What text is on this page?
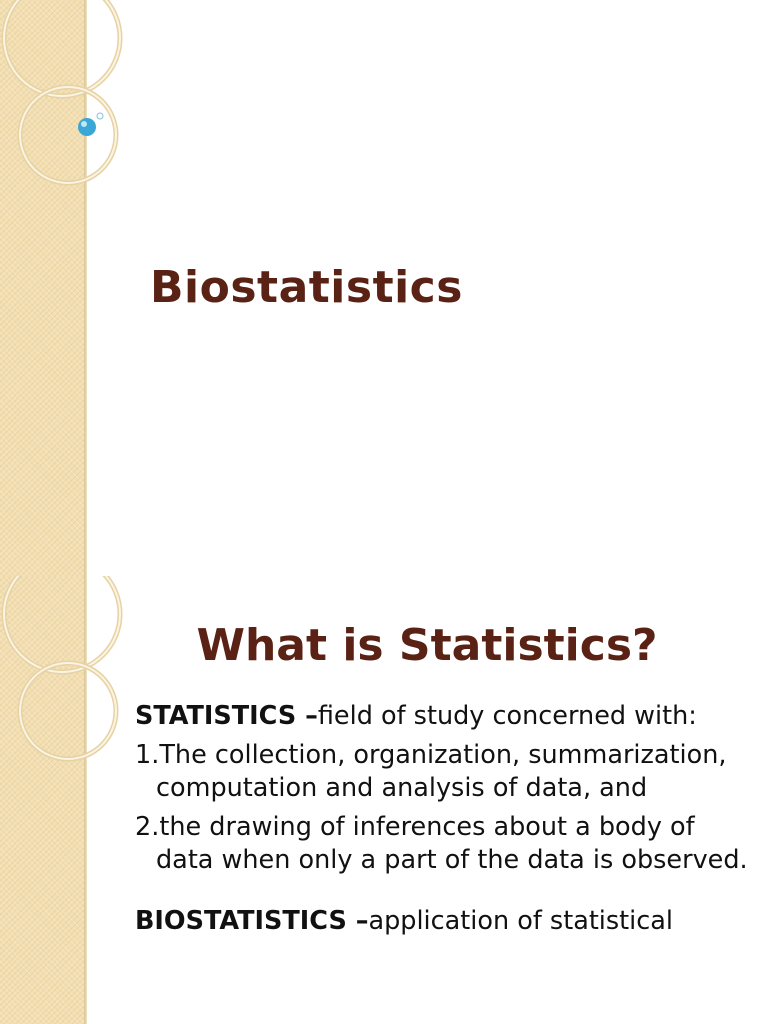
Biostatistics
What is Statistics?

STATISTICS –field of study concerned with:

1.The collection, organization, summarization, computation and analysis of data, and
2.the drawing of inferences about a body of data when only a part of the data is observed.

BIOSTATISTICS –application of statistical
